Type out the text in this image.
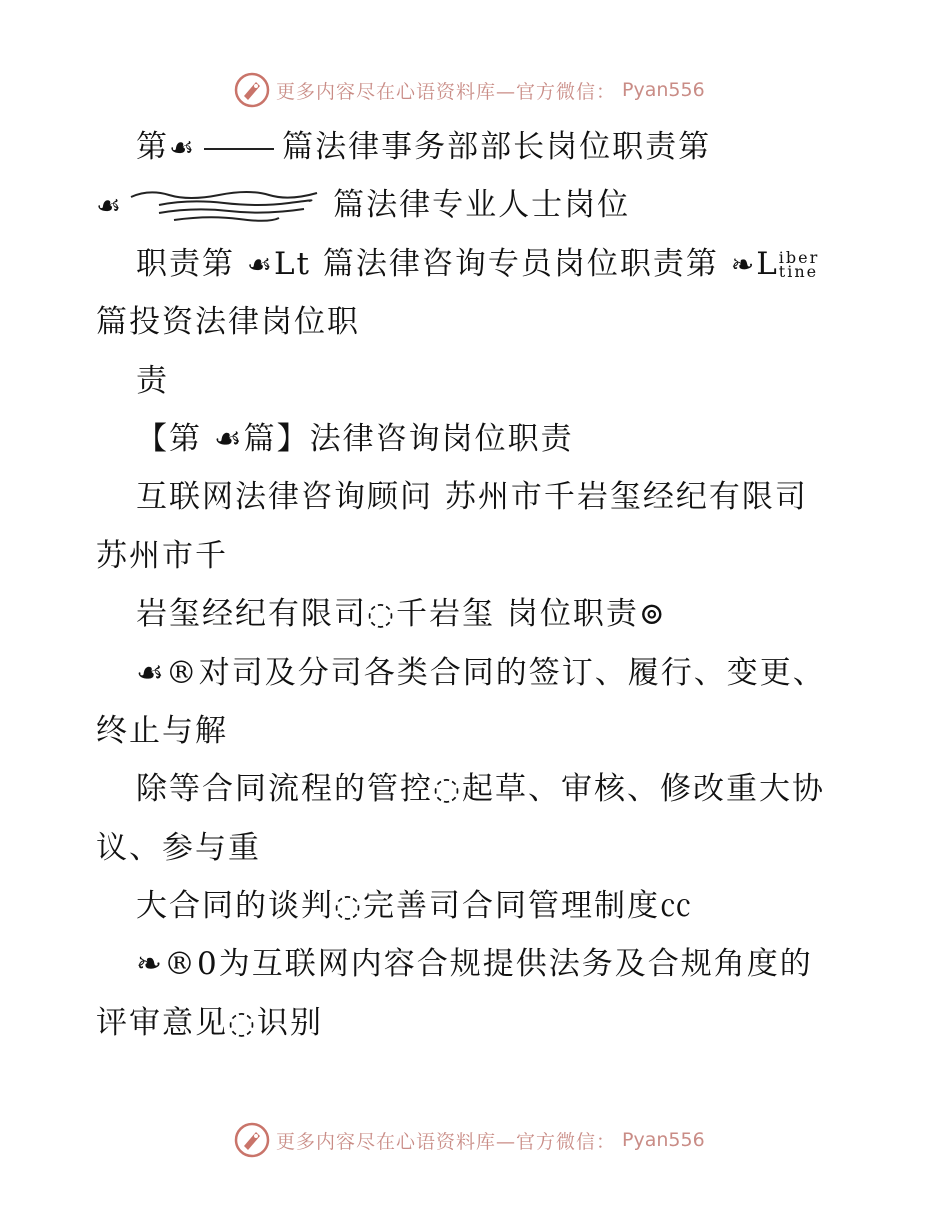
更多内容尽在心语资料库—官方微信： Pyan556
第☙	篇法律事务部部长岗位职责第
☙	篇法律专业人士岗位
职责第 ☙Lt 篇法律咨询专员岗位职责第 ❧Liber
tine
篇投资法律岗位职
责
【第 ☙篇】法律咨询岗位职责
互联网法律咨询顾问 苏州市千岩玺经纪有限司
苏州市千
岩玺经纪有限司◌千岩玺 岗位职责⊚
☙®对司及分司各类合同的签订、履行、变更、
终止与解
除等合同流程的管控◌起草、审核、修改重大协
议、参与重
大合同的谈判◌完善司合同管理制度㏄
❧®0为互联网内容合规提供法务及合规角度的
评审意见◌识别
更多内容尽在心语资料库—官方微信： Pyan556
